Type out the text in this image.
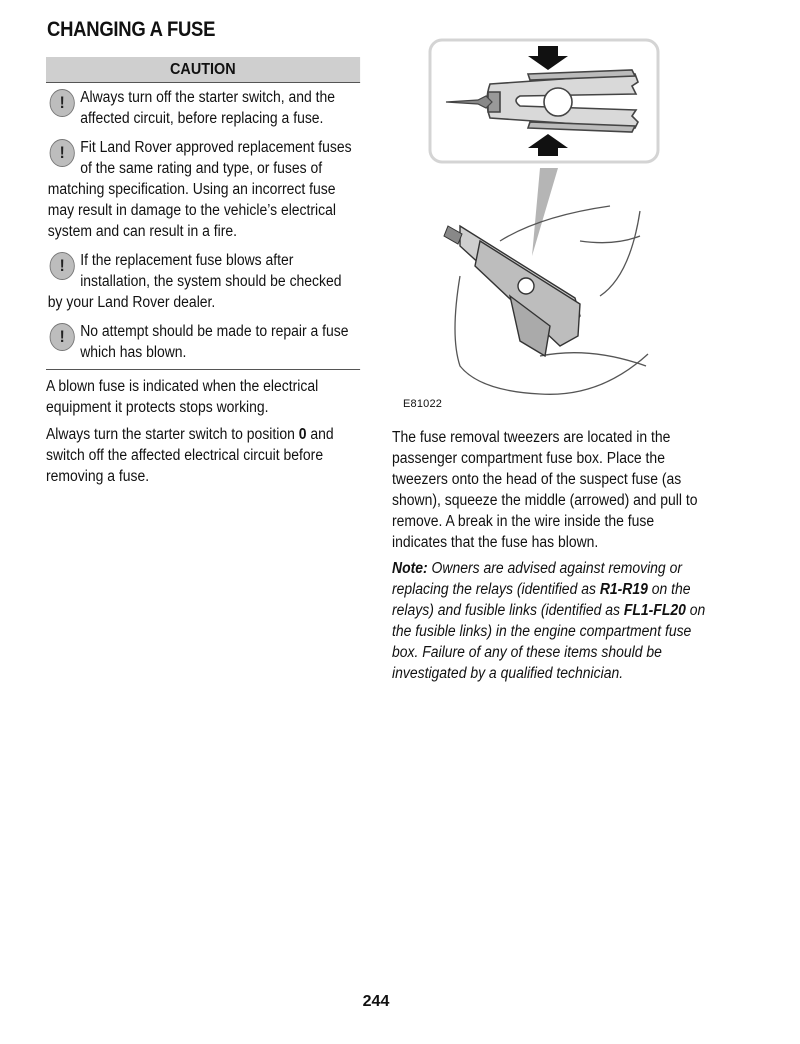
CHANGING A FUSE
CAUTION
! Always turn off the starter switch, and the affected circuit, before replacing a fuse.
! Fit Land Rover approved replacement fuses of the same rating and type, or fuses of matching specification. Using an incorrect fuse may result in damage to the vehicle’s electrical system and can result in a fire.
! If the replacement fuse blows after installation, the system should be checked by your Land Rover dealer.
! No attempt should be made to repair a fuse which has blown.

A blown fuse is indicated when the electrical equipment it protects stops working.

Always turn the starter switch to position 0 and switch off the affected electrical circuit before removing a fuse.

E81022

The fuse removal tweezers are located in the passenger compartment fuse box. Place the tweezers onto the head of the suspect fuse (as shown), squeeze the middle (arrowed) and pull to remove. A break in the wire inside the fuse indicates that the fuse has blown.

Note: Owners are advised against removing or replacing the relays (identified as R1-R19 on the relays) and fusible links (identified as FL1-FL20 on the fusible links) in the engine compartment fuse box. Failure of any of these items should be investigated by a qualified technician.

244
